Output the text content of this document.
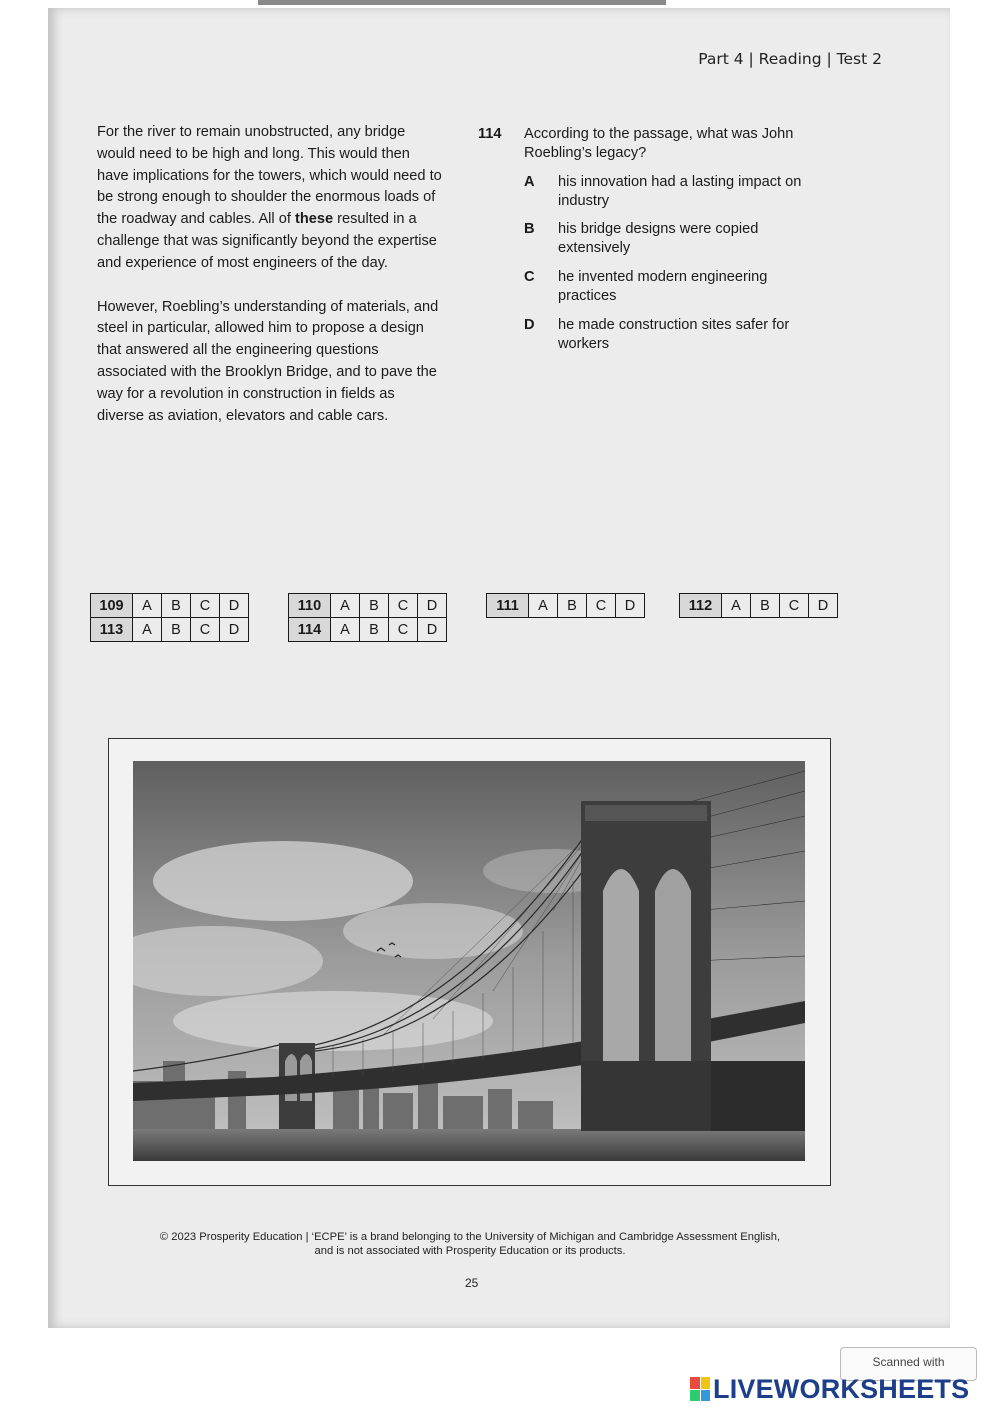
Part 4 | Reading | Test 2

For the river to remain unobstructed, any bridge would need to be high and long. This would then have implications for the towers, which would need to be strong enough to shoulder the enormous loads of the roadway and cables. All of these resulted in a challenge that was significantly beyond the expertise and experience of most engineers of the day.

However, Roebling’s understanding of materials, and steel in particular, allowed him to propose a design that answered all the engineering questions associated with the Brooklyn Bridge, and to pave the way for a revolution in construction in fields as diverse as aviation, elevators and cable cars.

114 According to the passage, what was John Roebling’s legacy?
A his innovation had a lasting impact on industry
B his bridge designs were copied extensively
C he invented modern engineering practices
D he made construction sites safer for workers
109	A	B	C	D
113	A	B	C	D
110	A	B	C	D
114	A	B	C	D
111	A	B	C	D	112	A	B	C	D
© 2023 Prosperity Education | ‘ECPE’ is a brand belonging to the University of Michigan and Cambridge Assessment English,
and is not associated with Prosperity Education or its products.
25
Scanned with
LIVEWORKSHEETS
